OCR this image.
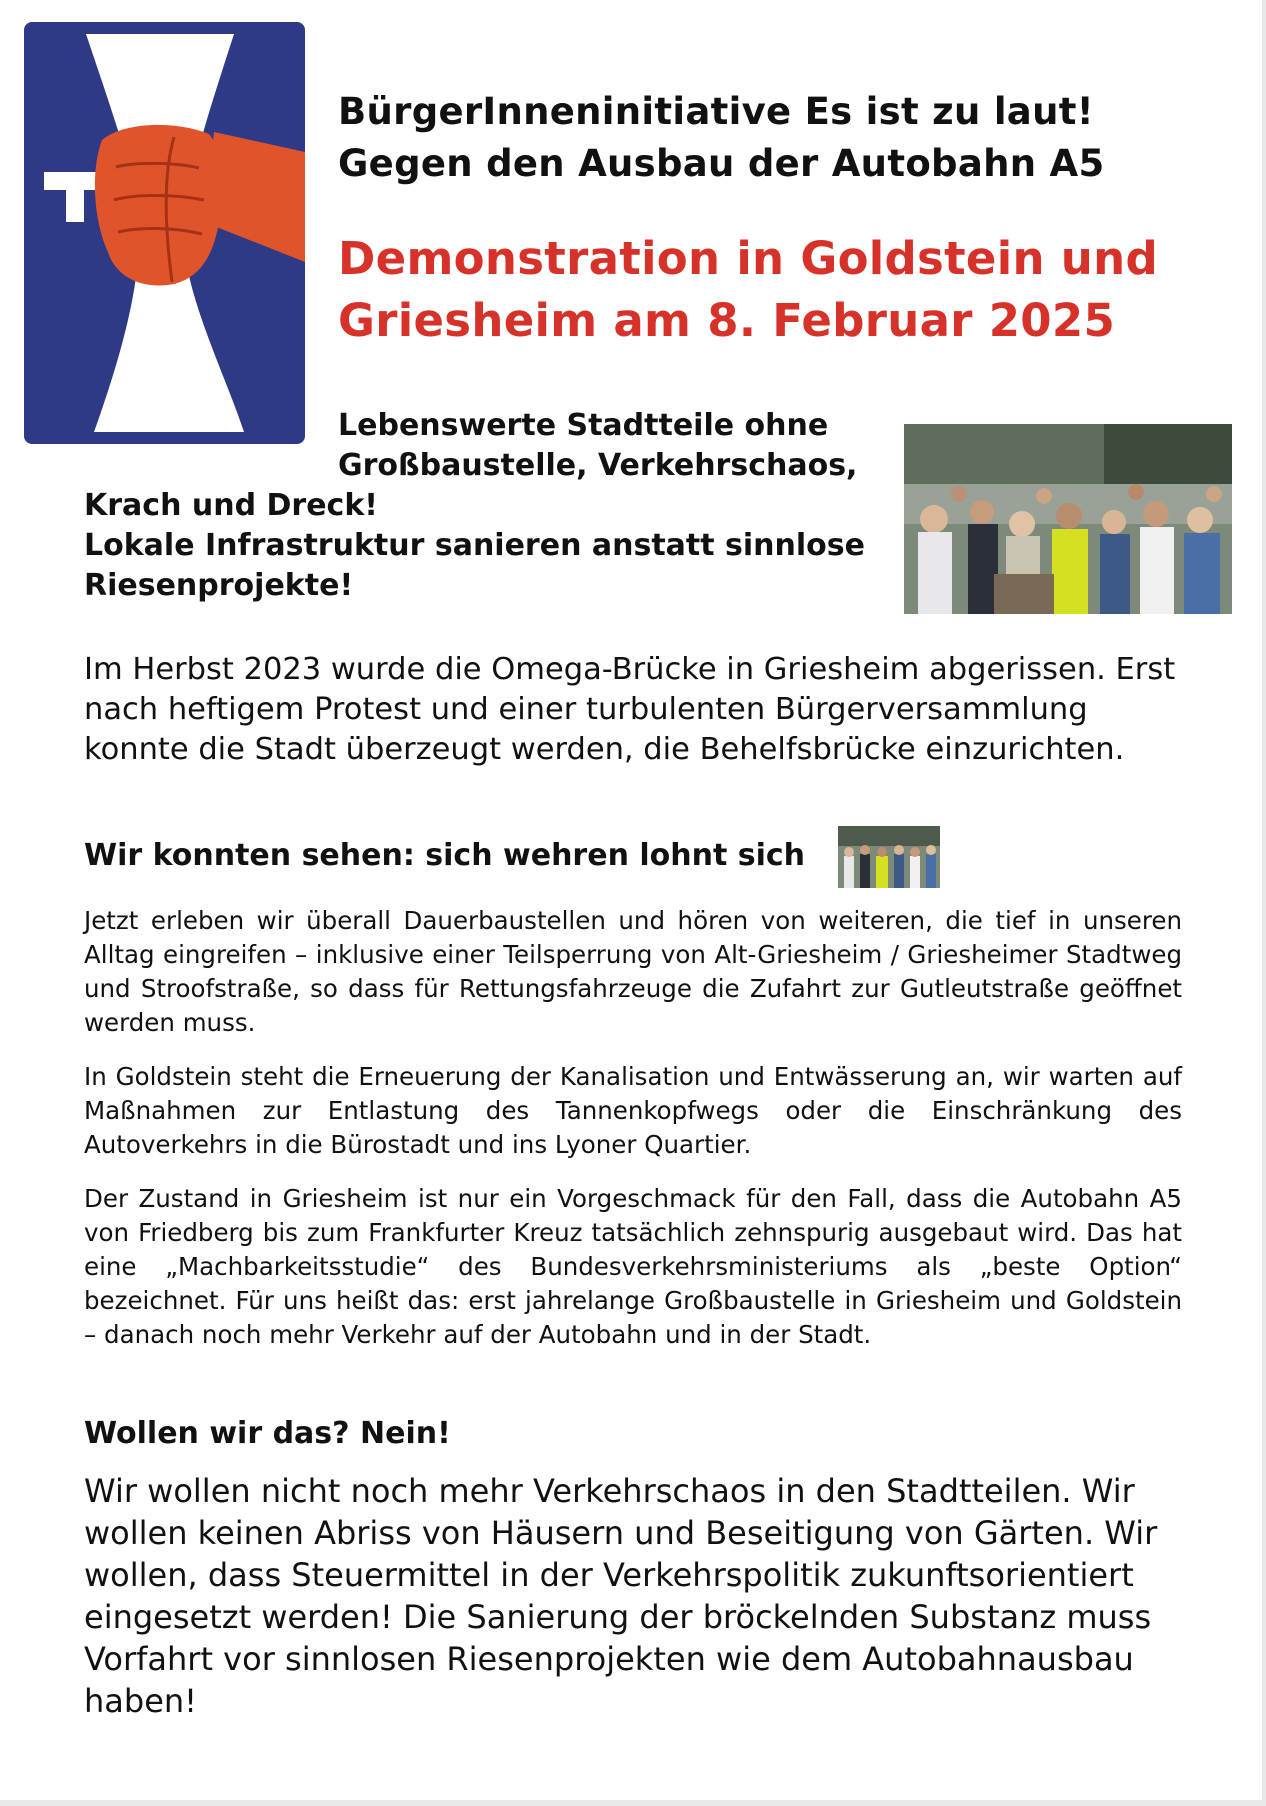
BürgerInneninitiative Es ist zu laut!
Gegen den Ausbau der Autobahn A5
Demonstration in Goldstein und
Griesheim am 8. Februar 2025
Lebenswerte Stadtteile ohne
Großbaustelle, Verkehrschaos,
Krach und Dreck!
Lokale Infrastruktur sanieren anstatt sinnlose
Riesenprojekte!
Im Herbst 2023 wurde die Omega-Brücke in Griesheim abgerissen. Erst nach heftigem Protest und einer turbulenten Bürgerversammlung konnte die Stadt überzeugt werden, die Behelfsbrücke einzurichten.
Wir konnten sehen: sich wehren lohnt sich
Jetzt erleben wir überall Dauerbaustellen und hören von weiteren, die tief in unseren Alltag eingreifen – inklusive einer Teilsperrung von Alt-Griesheim / Griesheimer Stadtweg und Stroofstraße, so dass für Rettungsfahrzeuge die Zufahrt zur Gutleutstraße geöffnet werden muss.
In Goldstein steht die Erneuerung der Kanalisation und Entwässerung an, wir warten auf Maßnahmen zur Entlastung des Tannenkopfwegs oder die Einschränkung des Autoverkehrs in die Bürostadt und ins Lyoner Quartier.
Der Zustand in Griesheim ist nur ein Vorgeschmack für den Fall, dass die Autobahn A5 von Friedberg bis zum Frankfurter Kreuz tatsächlich zehnspurig ausgebaut wird. Das hat eine „Machbarkeitsstudie“ des Bundesverkehrsministeriums als „beste Option“ bezeichnet. Für uns heißt das: erst jahrelange Großbaustelle in Griesheim und Goldstein – danach noch mehr Verkehr auf der Autobahn und in der Stadt.
Wollen wir das? Nein!
Wir wollen nicht noch mehr Verkehrschaos in den Stadtteilen. Wir wollen keinen Abriss von Häusern und Beseitigung von Gärten. Wir wollen, dass Steuermittel in der Verkehrspolitik zukunftsorientiert eingesetzt werden! Die Sanierung der bröckelnden Substanz muss Vorfahrt vor sinnlosen Riesenprojekten wie dem Autobahnausbau haben!
